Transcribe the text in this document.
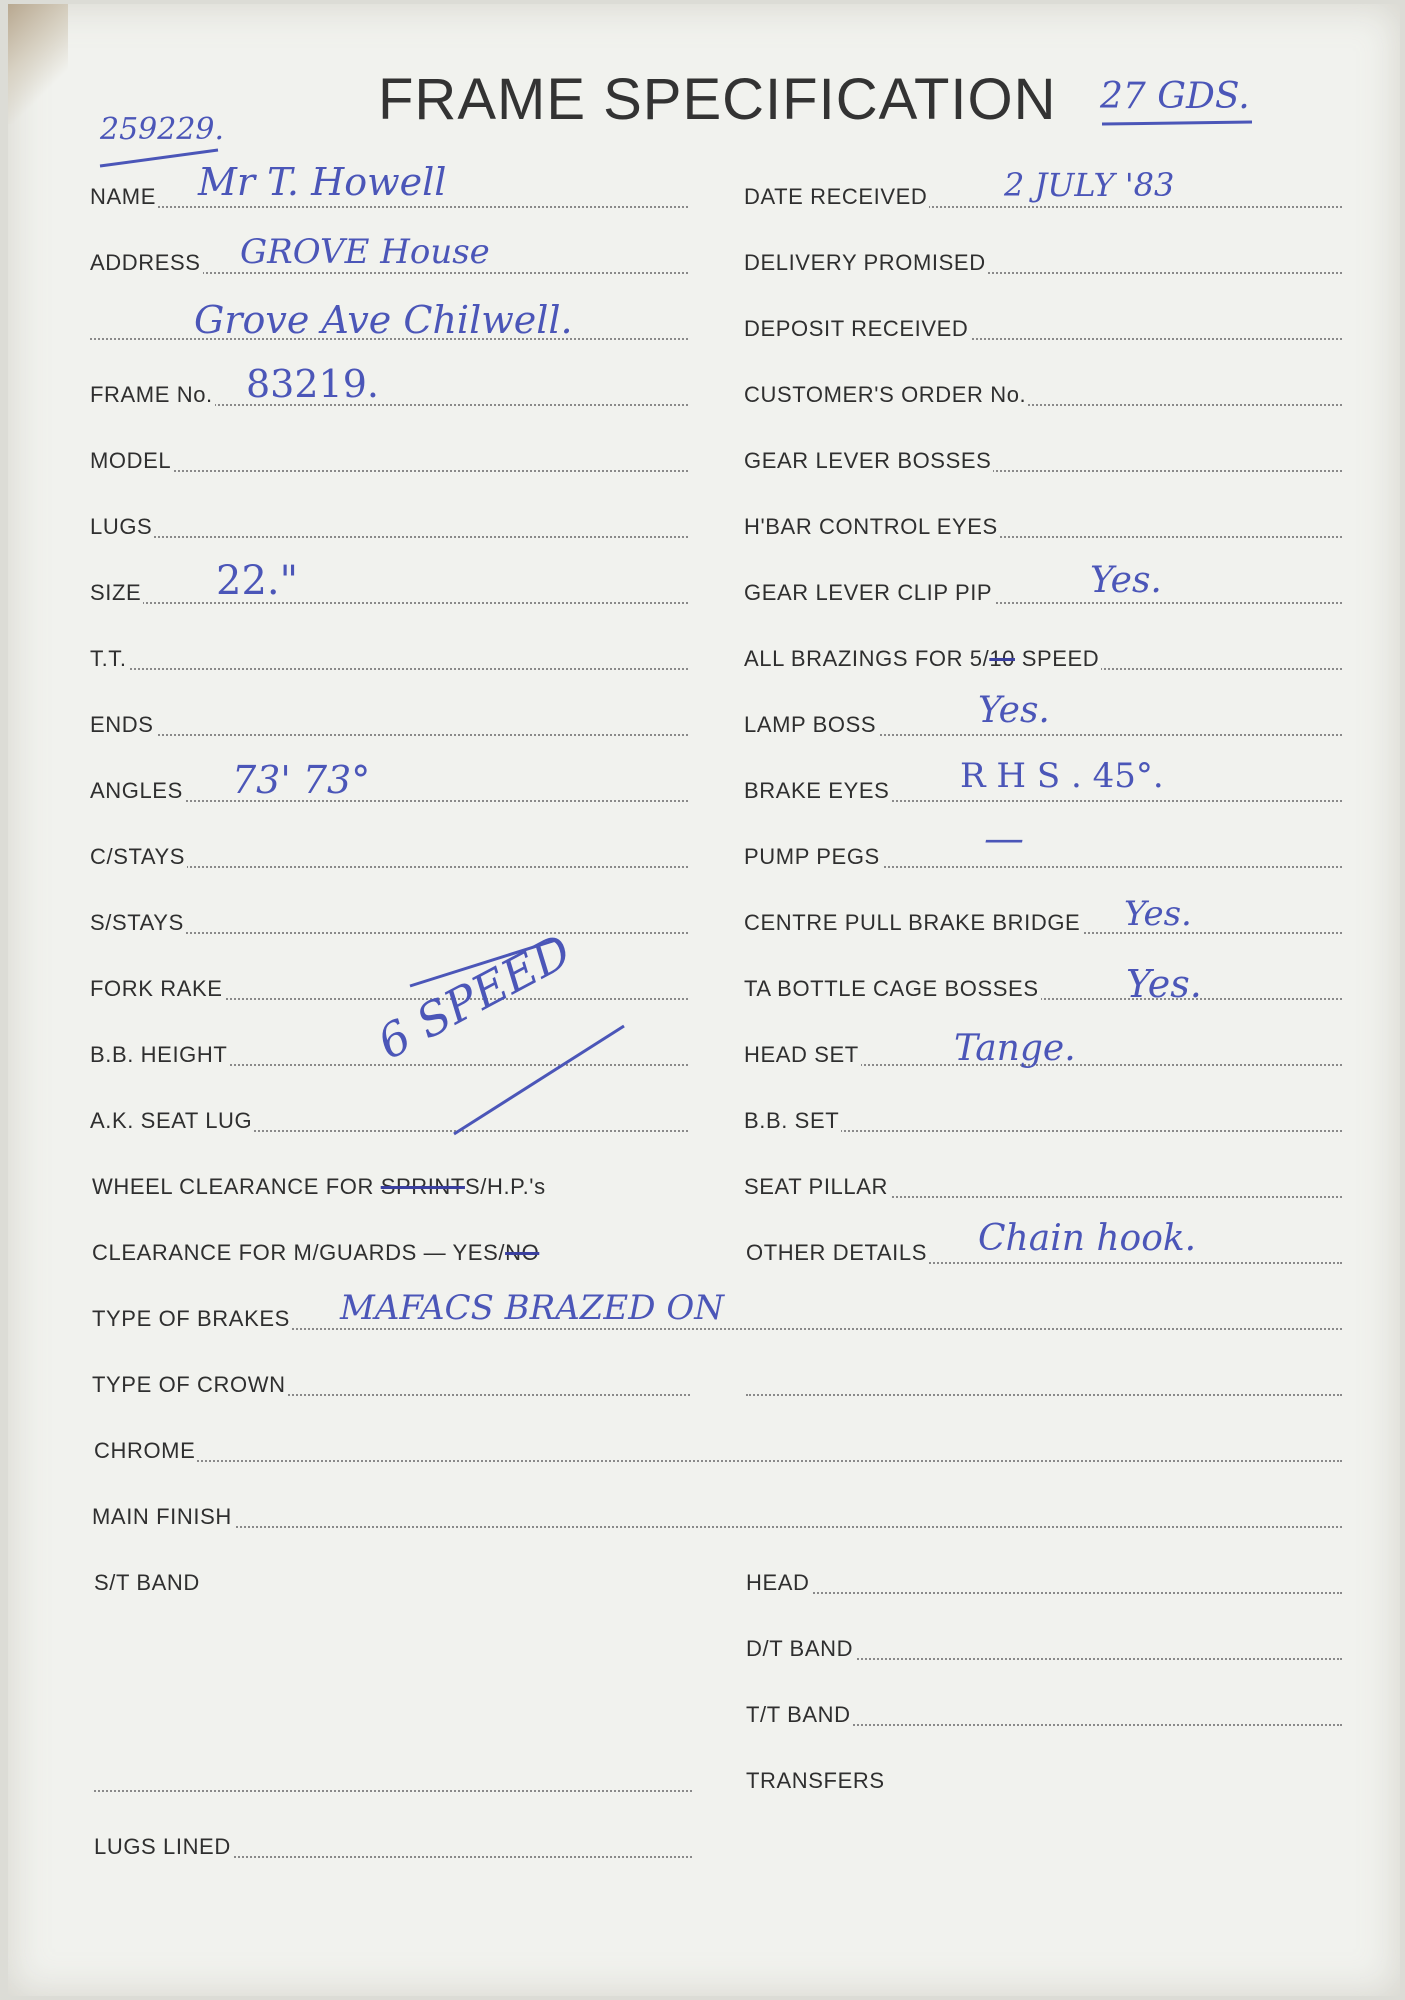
FRAME SPECIFICATION
259229.
27 GDS.
NAME
ADDRESS
FRAME No.
MODEL
LUGS
SIZE
T.T.
ENDS
ANGLES
C/STAYS
S/STAYS
FORK RAKE
B.B. HEIGHT
A.K. SEAT LUG
WHEEL CLEARANCE FOR SPRINTS/H.P.'s
CLEARANCE FOR M/GUARDS — YES/NO
TYPE OF BRAKES
TYPE OF CROWN
CHROME
MAIN FINISH
S/T BAND
LUGS LINED
DATE RECEIVED
DELIVERY PROMISED
DEPOSIT RECEIVED
CUSTOMER'S ORDER No.
GEAR LEVER BOSSES
H'BAR CONTROL EYES
GEAR LEVER CLIP PIP
ALL BRAZINGS FOR 5/10 SPEED
LAMP BOSS
BRAKE EYES
PUMP PEGS
CENTRE PULL BRAKE BRIDGE
TA BOTTLE CAGE BOSSES
HEAD SET
B.B. SET
SEAT PILLAR
OTHER DETAILS
HEAD
D/T BAND
T/T BAND
TRANSFERS
Mr T. Howell
GROVE House
Grove Ave Chilwell.
83219.
22."
73' 73°
2 JULY '83
Yes.
Yes.
R H S . 45°.
—
Yes.
Yes.
Tange.
MAFACS BRAZED ON
Chain hook.
6 SPEED
